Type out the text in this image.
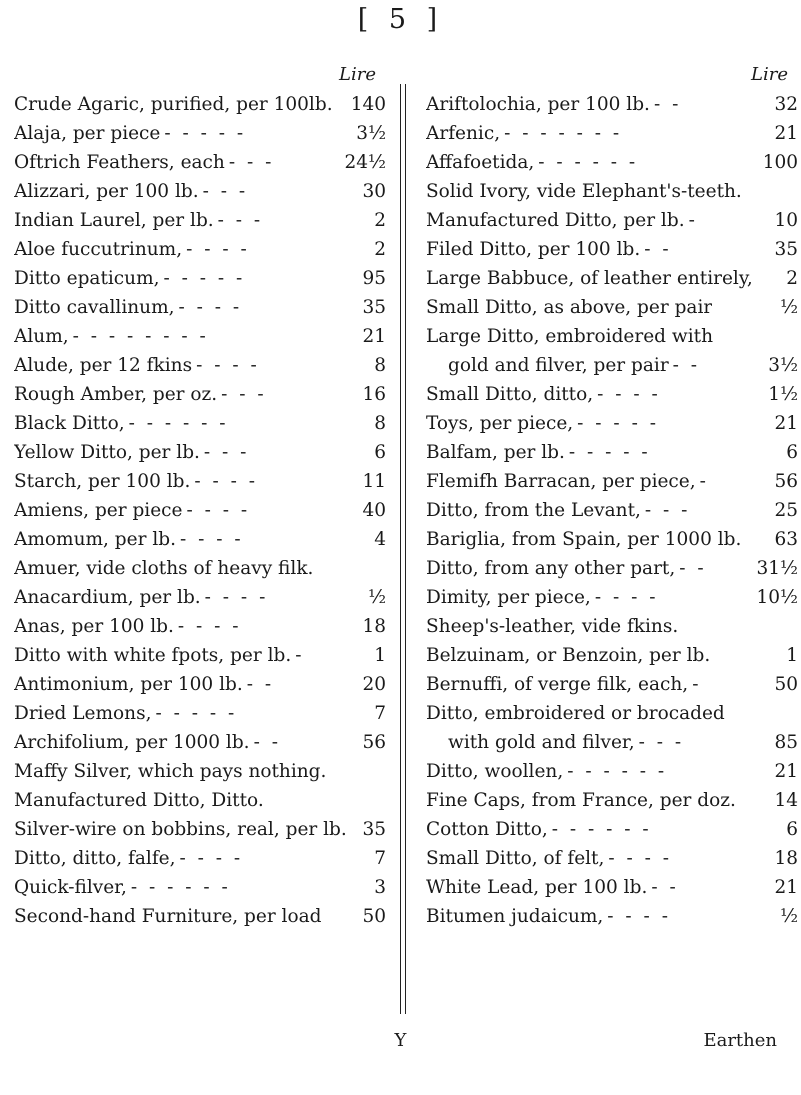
[ 5 ]
Lire
Crude Agaric, purified, per 100lb. 140
Alaja, per piece - - - - -	3½
Oftrich Feathers, each - - -	24½
Alizzari, per 100 lb. - - -	30
Indian Laurel, per lb. - - -	2
Aloe fuccutrinum, - - - -	2
Ditto epaticum, - - - - -	95
Ditto cavallinum, - - - -	35
Alum, - - - - - - - -	21
Alude, per 12 fkins - - - -	8
Rough Amber, per oz. - - -	16
Black Ditto, - - - - - -	8
Yellow Ditto, per lb. - - -	6
Starch, per 100 lb. - - - -	11
Amiens, per piece - - - -	40
Amomum, per lb. - - - -	4
Amuer, vide cloths of heavy filk.
Anacardium, per lb. - - - -	½
Anas, per 100 lb. - - - -	18
Ditto with white fpots, per lb. -	1
Antimonium, per 100 lb. - -	20
Dried Lemons, - - - - -	7
Archifolium, per 1000 lb. - -	56
Maffy Silver, which pays nothing.
Manufactured Ditto, Ditto.
Silver-wire on bobbins, real, per lb. 35
Ditto, ditto, falfe, - - - -	7
Quick-filver, - - - - - -	3
Second-hand Furniture, per load 50
Lire
Ariftolochia, per 100 lb. - -	32
Arfenic, - - - - - - -	21
Affafoetida, - - - - - -	100
Solid Ivory, vide Elephant's-teeth.
Manufactured Ditto, per lb. -	10
Filed Ditto, per 100 lb. - -	35
Large Babbuce, of leather entirely,	2
Small Ditto, as above, per pair	½
Large Ditto, embroidered with
gold and filver, per pair - -	3½
Small Ditto, ditto, - - - -	1½
Toys, per piece, - - - - -	21
Balfam, per lb. - - - - -	6
Flemifh Barracan, per piece, -	56
Ditto, from the Levant, - - -	25
Bariglia, from Spain, per 1000 lb. 63
Ditto, from any other part, - -	31½
Dimity, per piece, - - - -	10½
Sheep's-leather, vide fkins.
Belzuinam, or Benzoin, per lb.	1
Bernuffi, of verge filk, each, -	50
Ditto, embroidered or brocaded
with gold and filver, - - -	85
Ditto, woollen, - - - - - -	21
Fine Caps, from France, per doz. 14
Cotton Ditto, - - - - - -	6
Small Ditto, of felt, - - - -	18
White Lead, per 100 lb. - -	21
Bitumen judaicum, - - - -	½
Y	Earthen
